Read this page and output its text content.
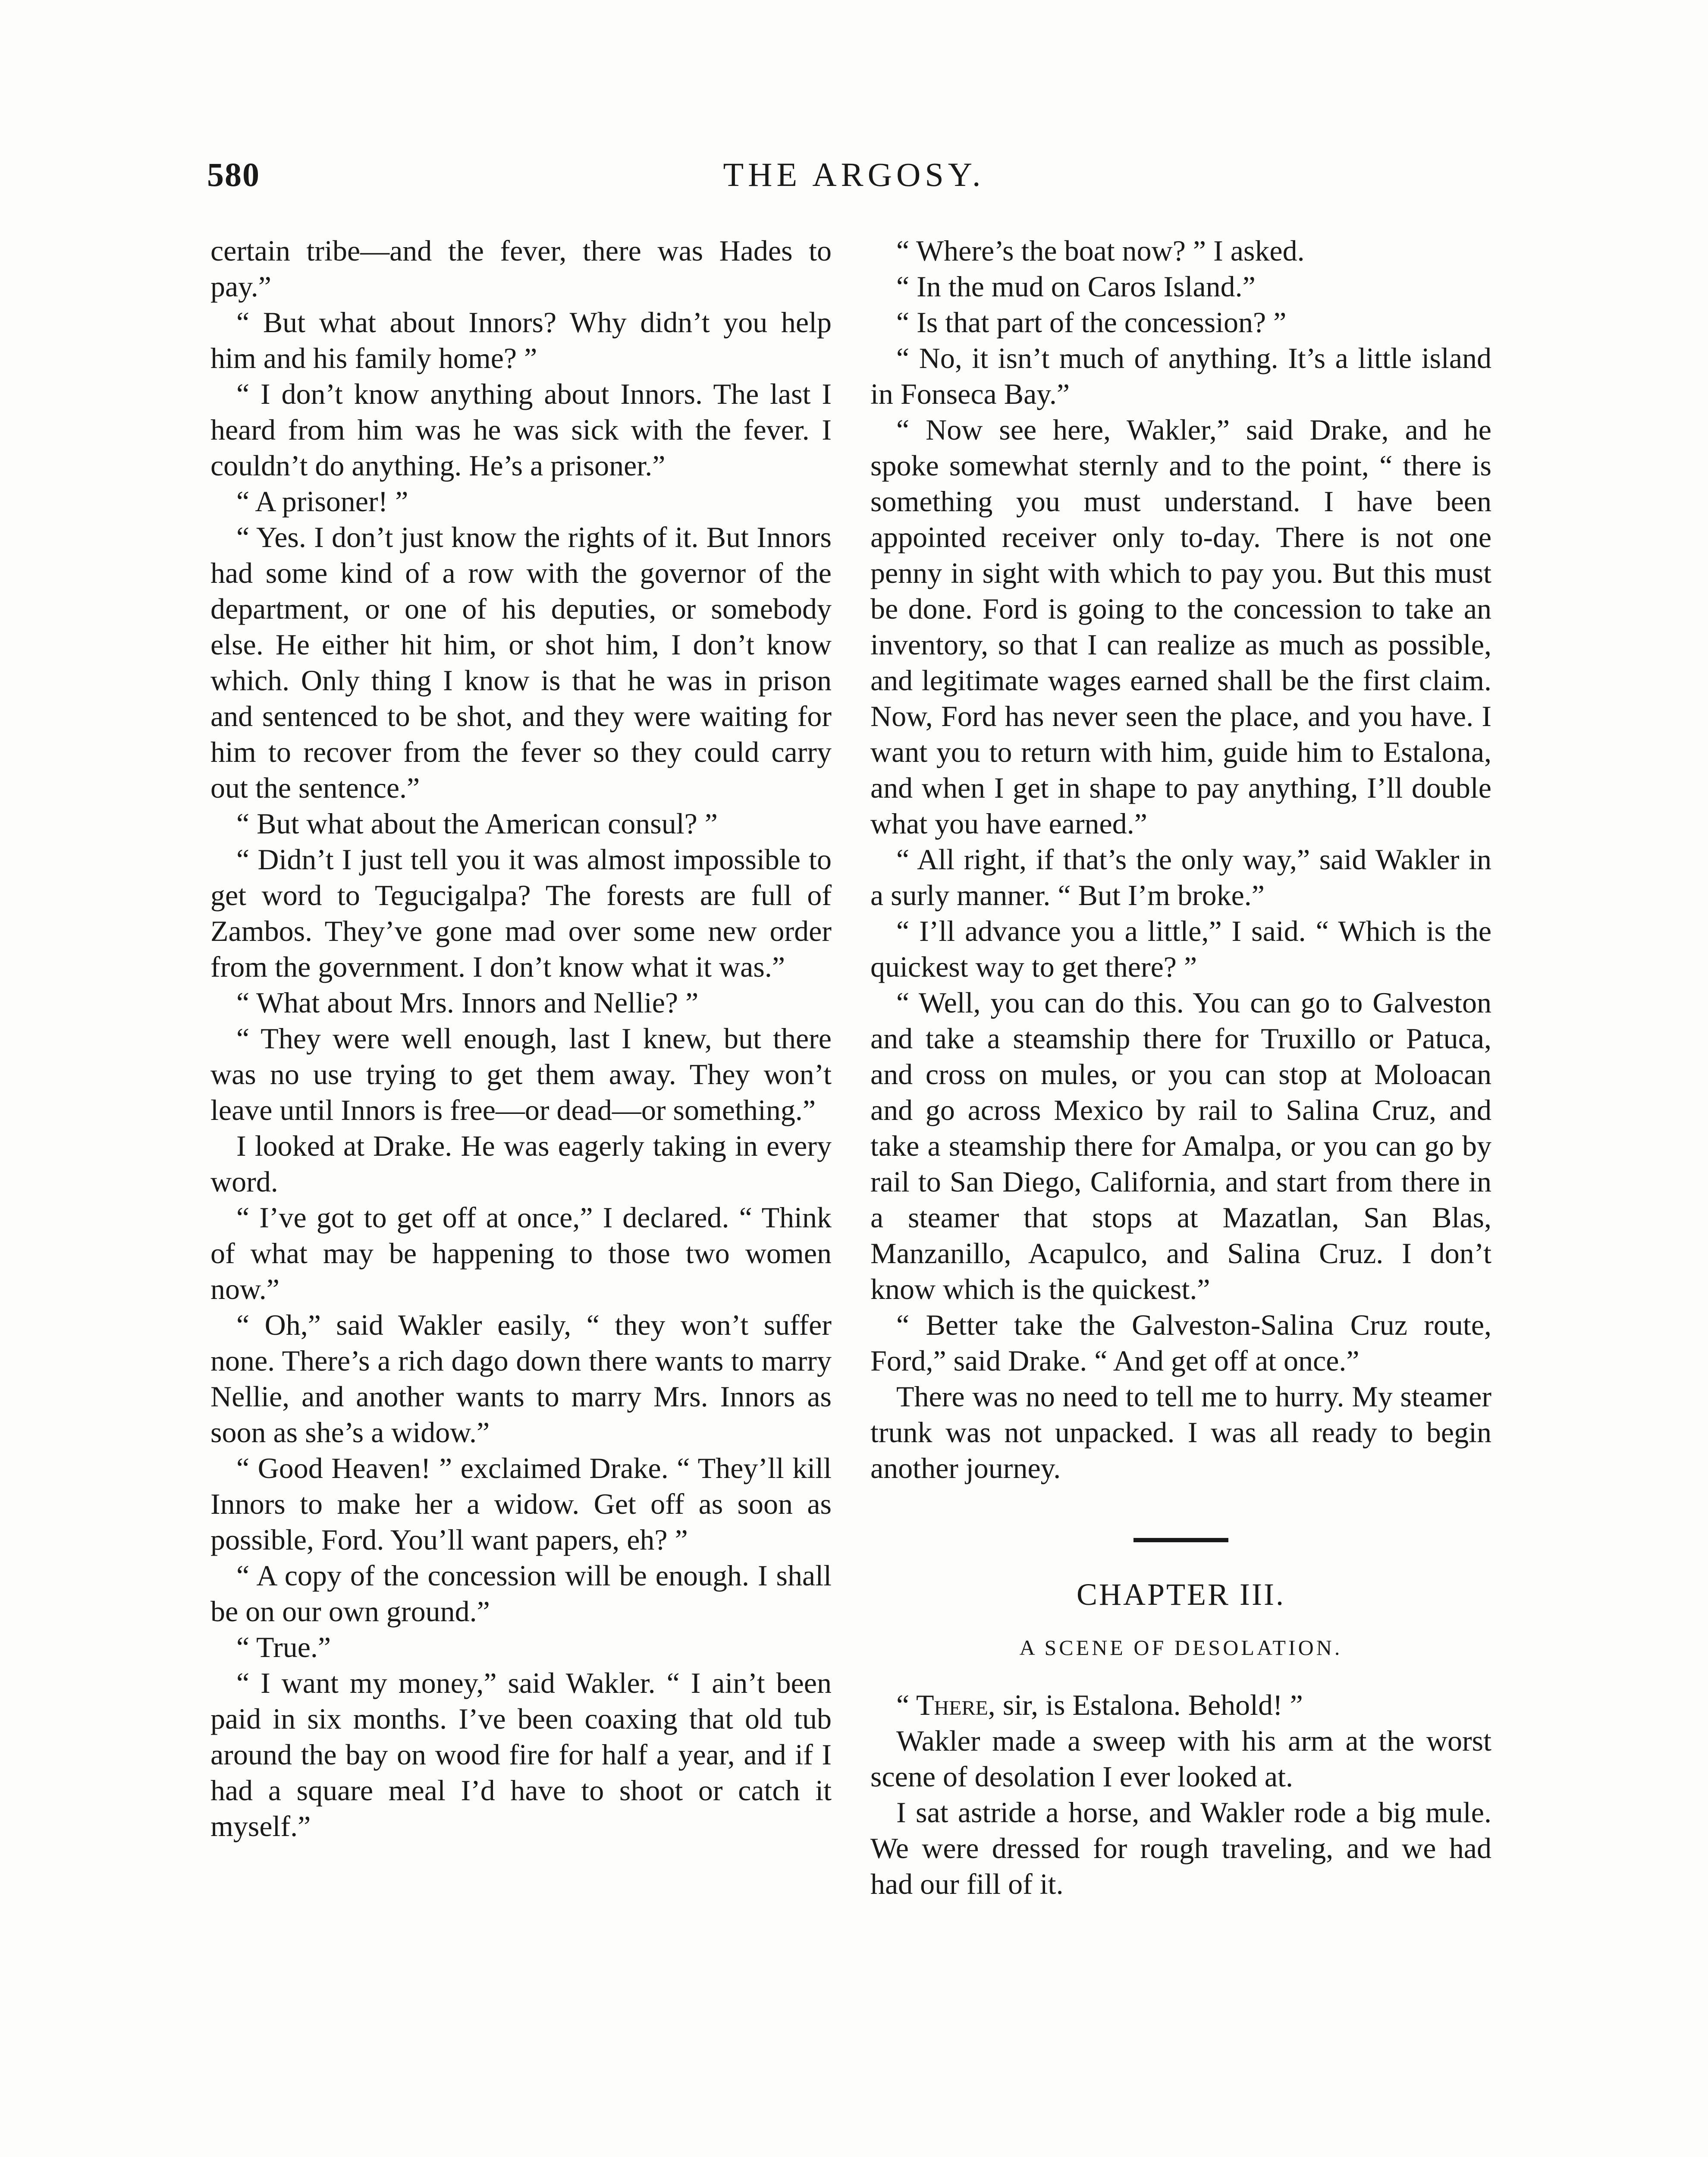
580	THE ARGOSY.

certain tribe—and the fever, there was Hades to pay.”

“ But what about Innors? Why didn’t you help him and his family home? ”

“ I don’t know anything about Innors. The last I heard from him was he was sick with the fever. I couldn’t do anything. He’s a prisoner.”

“ A prisoner! ”

“ Yes. I don’t just know the rights of it. But Innors had some kind of a row with the governor of the department, or one of his deputies, or somebody else. He either hit him, or shot him, I don’t know which. Only thing I know is that he was in prison and sentenced to be shot, and they were waiting for him to recover from the fever so they could carry out the sentence.”

“ But what about the American consul? ”

“ Didn’t I just tell you it was almost impossible to get word to Tegucigalpa? The forests are full of Zambos. They’ve gone mad over some new order from the government. I don’t know what it was.”

“ What about Mrs. Innors and Nellie? ”

“ They were well enough, last I knew, but there was no use trying to get them away. They won’t leave until Innors is free—or dead—or something.”

I looked at Drake. He was eagerly taking in every word.

“ I’ve got to get off at once,” I declared. “ Think of what may be happening to those two women now.”

“ Oh,” said Wakler easily, “ they won’t suffer none. There’s a rich dago down there wants to marry Nellie, and another wants to marry Mrs. Innors as soon as she’s a widow.”

“ Good Heaven! ” exclaimed Drake. “ They’ll kill Innors to make her a widow. Get off as soon as possible, Ford. You’ll want papers, eh? ”

“ A copy of the concession will be enough. I shall be on our own ground.”

“ True.”

“ I want my money,” said Wakler. “ I ain’t been paid in six months. I’ve been coaxing that old tub around the bay on wood fire for half a year, and if I had a square meal I’d have to shoot or catch it myself.”

“ Where’s the boat now? ” I asked.

“ In the mud on Caros Island.”

“ Is that part of the concession? ”

“ No, it isn’t much of anything. It’s a little island in Fonseca Bay.”

“ Now see here, Wakler,” said Drake, and he spoke somewhat sternly and to the point, “ there is something you must understand. I have been appointed receiver only to-day. There is not one penny in sight with which to pay you. But this must be done. Ford is going to the concession to take an inventory, so that I can realize as much as possible, and legitimate wages earned shall be the first claim. Now, Ford has never seen the place, and you have. I want you to return with him, guide him to Estalona, and when I get in shape to pay anything, I’ll double what you have earned.”

“ All right, if that’s the only way,” said Wakler in a surly manner. “ But I’m broke.”

“ I’ll advance you a little,” I said. “ Which is the quickest way to get there? ”

“ Well, you can do this. You can go to Galveston and take a steamship there for Truxillo or Patuca, and cross on mules, or you can stop at Moloacan and go across Mexico by rail to Salina Cruz, and take a steamship there for Amalpa, or you can go by rail to San Diego, California, and start from there in a steamer that stops at Mazatlan, San Blas, Manzanillo, Acapulco, and Salina Cruz. I don’t know which is the quickest.”

“ Better take the Galveston-Salina Cruz route, Ford,” said Drake. “ And get off at once.”

There was no need to tell me to hurry. My steamer trunk was not unpacked. I was all ready to begin another journey.

CHAPTER III.
A SCENE OF DESOLATION.

“ There, sir, is Estalona. Behold! ”

Wakler made a sweep with his arm at the worst scene of desolation I ever looked at.

I sat astride a horse, and Wakler rode a big mule. We were dressed for rough traveling, and we had had our fill of it.
